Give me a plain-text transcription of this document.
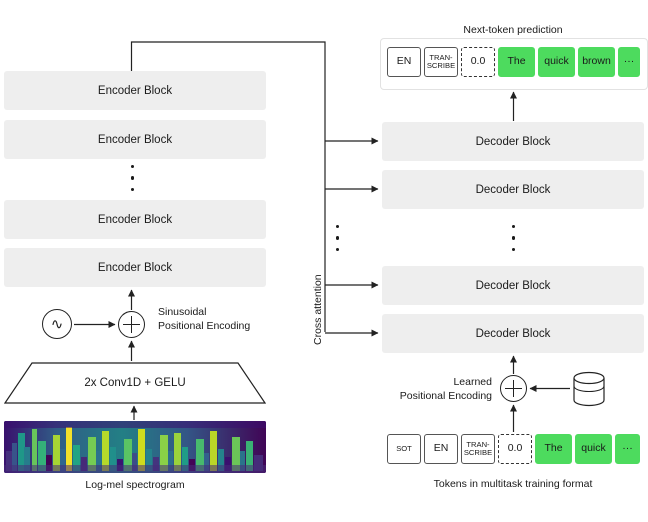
Encoder Block
Encoder Block
Encoder Block
Encoder Block
∿
Sinusoidal
Positional Encoding
2x Conv1D + GELU
Log-mel spectrogram
Cross attention
Decoder Block
Decoder Block
Decoder Block
Decoder Block
Learned
Positional Encoding
Next-token prediction
EN	TRAN-SCRIBE 0.0 The quick brown ···
SOT EN	TRAN-SCRIBE 0.0 The quick ···
Tokens in multitask training format
